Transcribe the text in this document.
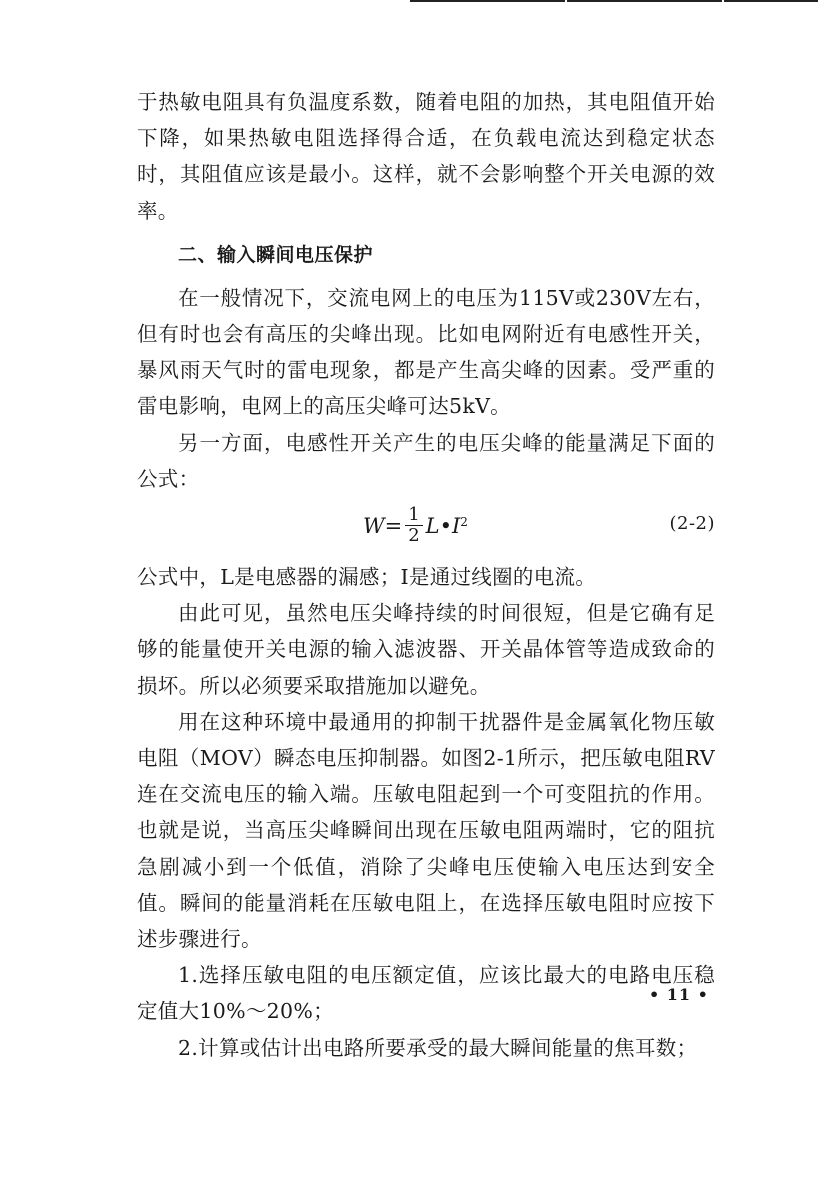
于热敏电阻具有负温度系数，随着电阻的加热，其电阻值开始下降，如果热敏电阻选择得合适，在负载电流达到稳定状态时，其阻值应该是最小。这样，就不会影响整个开关电源的效率。

二、输入瞬间电压保护

在一般情况下，交流电网上的电压为115V或230V左右，但有时也会有高压的尖峰出现。比如电网附近有电感性开关，暴风雨天气时的雷电现象，都是产生高尖峰的因素。受严重的雷电影响，电网上的高压尖峰可达5kV。

另一方面，电感性开关产生的电压尖峰的能量满足下面的公式：

$W = \frac{1}{2}$ L • I 2	(2-2)

公式中，L是电感器的漏感；I是通过线圈的电流。

由此可见，虽然电压尖峰持续的时间很短，但是它确有足够的能量使开关电源的输入滤波器、开关晶体管等造成致命的损坏。所以必须要采取措施加以避免。

用在这种环境中最通用的抑制干扰器件是金属氧化物压敏电阻（MOV）瞬态电压抑制器。如图2-1所示，把压敏电阻RV连在交流电压的输入端。压敏电阻起到一个可变阻抗的作用。也就是说，当高压尖峰瞬间出现在压敏电阻两端时，它的阻抗急剧减小到一个低值，消除了尖峰电压使输入电压达到安全值。瞬间的能量消耗在压敏电阻上，在选择压敏电阻时应按下述步骤进行。

1.选择压敏电阻的电压额定值，应该比最大的电路电压稳定值大10%～20%；

2.计算或估计出电路所要承受的最大瞬间能量的焦耳数；

• 11 •
